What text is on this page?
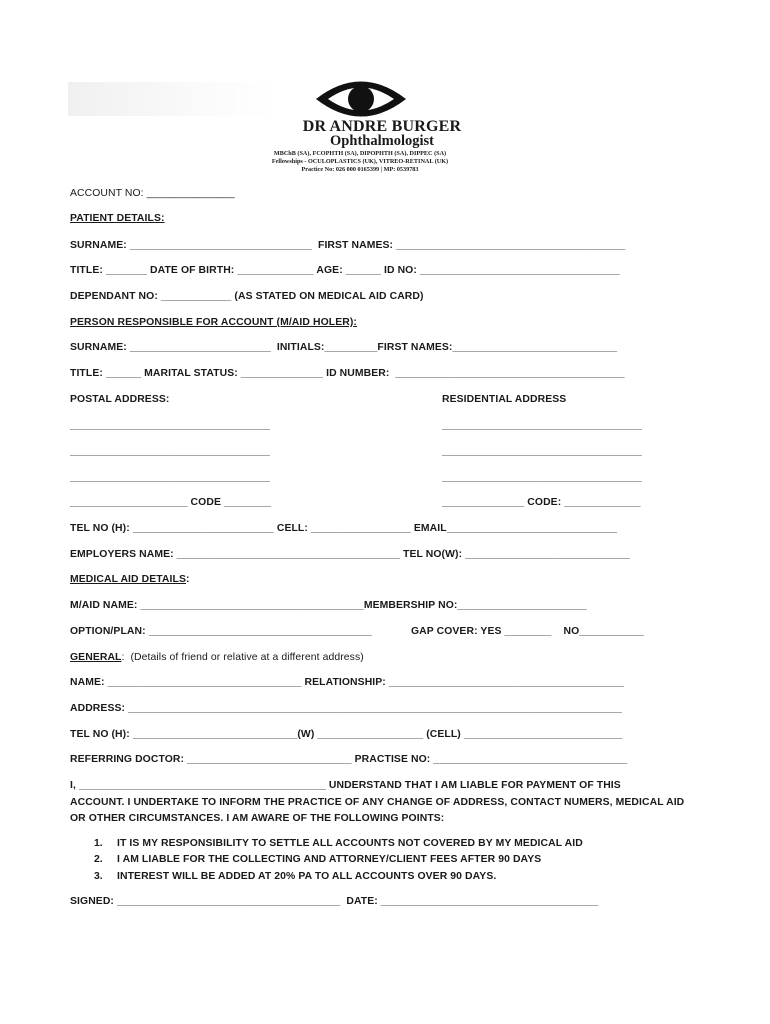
DR ANDRE BURGER
Ophthalmologist
MBChB (SA), FCOPHTH (SA), DIPOPHTH (SA), DIPPEC (SA)
Fellowships - OCULOPLASTICS (UK), VITREO-RETINAL (UK)
Practice No: 026 000 0165399 | MP: 0539783
ACCOUNT NO: _______________
PATIENT DETAILS:
SURNAME: _______________________________  FIRST NAMES: _______________________________________
TITLE: _______ DATE OF BIRTH: _____________ AGE: ______ ID NO: __________________________________
DEPENDANT NO: ____________ (AS STATED ON MEDICAL AID CARD)
PERSON RESPONSIBLE FOR ACCOUNT (M/AID HOLER):
SURNAME: ________________________  INITIALS:_________FIRST NAMES:____________________________
TITLE: ______ MARITAL STATUS: ______________ ID NUMBER:  _______________________________________
POSTAL ADDRESS:	RESIDENTIAL ADDRESS
__________________________________	__________________________________
__________________________________	__________________________________
__________________________________	__________________________________
____________________ CODE ________	______________ CODE: _____________
TEL NO (H): ________________________ CELL: _________________ EMAIL_____________________________
EMPLOYERS NAME: ______________________________________ TEL NO(W): ____________________________
MEDICAL AID DETAILS:
M/AID NAME: ______________________________________MEMBERSHIP NO:______________________
OPTION/PLAN: ______________________________________	GAP COVER: YES ________    NO___________
GENERAL:  (Details of friend or relative at a different address)
NAME: _________________________________ RELATIONSHIP: ________________________________________
ADDRESS: ____________________________________________________________________________________
TEL NO (H): ____________________________(W) __________________ (CELL) ___________________________
REFERRING DOCTOR: ____________________________ PRACTISE NO: _________________________________
I, __________________________________________ UNDERSTAND THAT I AM LIABLE FOR PAYMENT OF THIS
ACCOUNT. I UNDERTAKE TO INFORM THE PRACTICE OF ANY CHANGE OF ADDRESS, CONTACT NUMERS, MEDICAL AID
OR OTHER CIRCUMSTANCES. I AM AWARE OF THE FOLLOWING POINTS:
1. IT IS MY RESPONSIBILITY TO SETTLE ALL ACCOUNTS NOT COVERED BY MY MEDICAL AID
2. I AM LIABLE FOR THE COLLECTING AND ATTORNEY/CLIENT FEES AFTER 90 DAYS
3. INTEREST WILL BE ADDED AT 20% PA TO ALL ACCOUNTS OVER 90 DAYS.
SIGNED: ______________________________________  DATE: _____________________________________
